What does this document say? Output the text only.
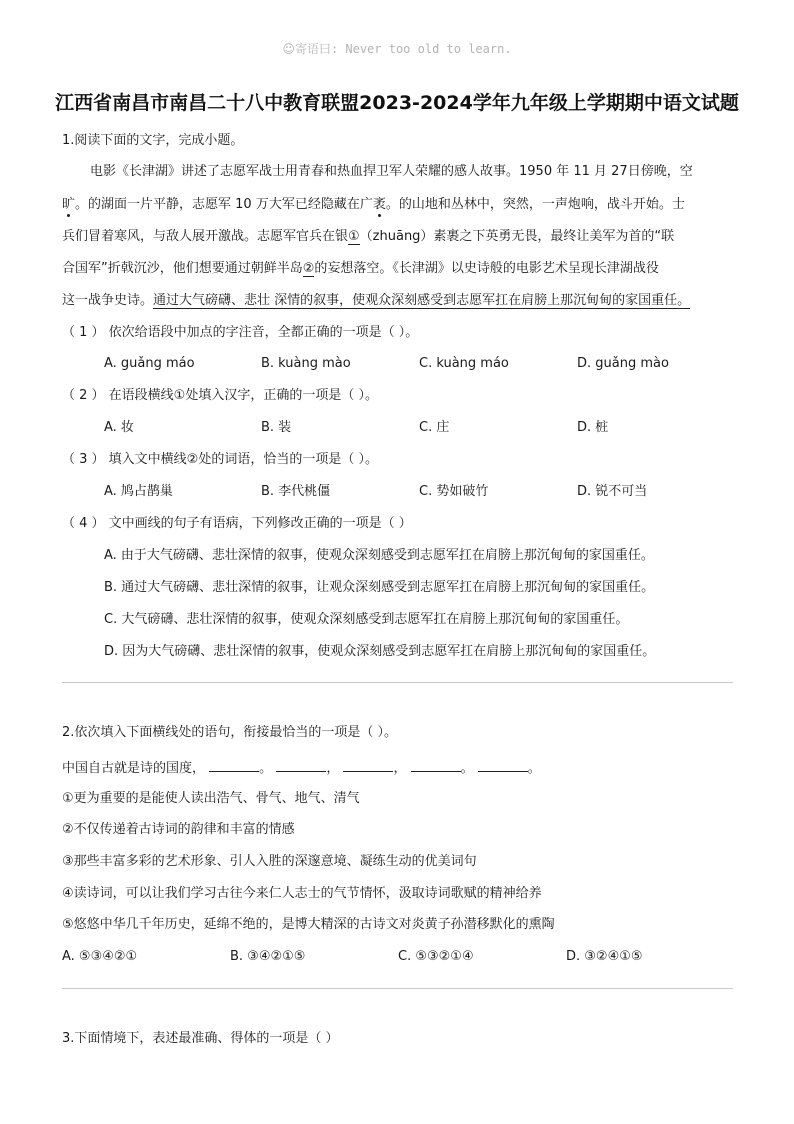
☺寄语曰: Never too old to learn.
江西省南昌市南昌二十八中教育联盟2023-2024学年九年级上学期期中语文试题
1.阅读下面的文字，完成小题。
电影《长津湖》讲述了志愿军战士用青春和热血捍卫军人荣耀的感人故事。1950 年 11 月 27日傍晚，空
旷。的湖面一片平静，志愿军 10 万大军已经隐藏在广袤。的山地和丛林中，突然，一声炮响，战斗开始。士
兵们冒着寒风，与敌人展开激战。志愿军官兵在银①（zhuāng）素裹之下英勇无畏，最终让美军为首的“联
合国军”折戟沉沙，他们想要通过朝鲜半岛②的妄想落空。《长津湖》以史诗般的电影艺术呈现长津湖战役
这一战争史诗。通过大气磅礴、悲壮 深情的叙事，使观众深刻感受到志愿军扛在肩膀上那沉甸甸的家国重任。
（ 1 ） 依次给语段中加点的字注音，全都正确的一项是（ ）。
A. guǎng máo	B. kuàng mào	C. kuàng máo	D. guǎng mào
（ 2 ） 在语段横线①处填入汉字，正确的一项是（ ）。
A. 妆	B. 装	C. 庄	D. 桩
（ 3 ） 填入文中横线②处的词语，恰当的一项是（ ）。
A. 鸠占鹊巢	B. 李代桃僵	C. 势如破竹	D. 锐不可当
（ 4 ） 文中画线的句子有语病，下列修改正确的一项是（ ）
A. 由于大气磅礴、悲壮深情的叙事，使观众深刻感受到志愿军扛在肩膀上那沉甸甸的家国重任。
B. 通过大气磅礴、悲壮深情的叙事，让观众深刻感受到志愿军扛在肩膀上那沉甸甸的家国重任。
C. 大气磅礴、悲壮深情的叙事，使观众深刻感受到志愿军扛在肩膀上那沉甸甸的家国重任。
D. 因为大气磅礴、悲壮深情的叙事，使观众深刻感受到志愿军扛在肩膀上那沉甸甸的家国重任。
2.依次填入下面横线处的语句，衔接最恰当的一项是（ ）。
中国自古就是诗的国度，	。	，	，	。	。
①更为重要的是能使人读出浩气、骨气、地气、清气
②不仅传递着古诗词的韵律和丰富的情感
③那些丰富多彩的艺术形象、引人入胜的深邃意境、凝练生动的优美词句
④读诗词，可以让我们学习古往今来仁人志士的气节情怀，汲取诗词歌赋的精神给养
⑤悠悠中华几千年历史，延绵不绝的，是博大精深的古诗文对炎黄子孙潜移默化的熏陶
A. ⑤③④②①	B. ③④②①⑤	C. ⑤③②①④	D. ③②④①⑤
3.下面情境下，表述最准确、得体的一项是（ ）
